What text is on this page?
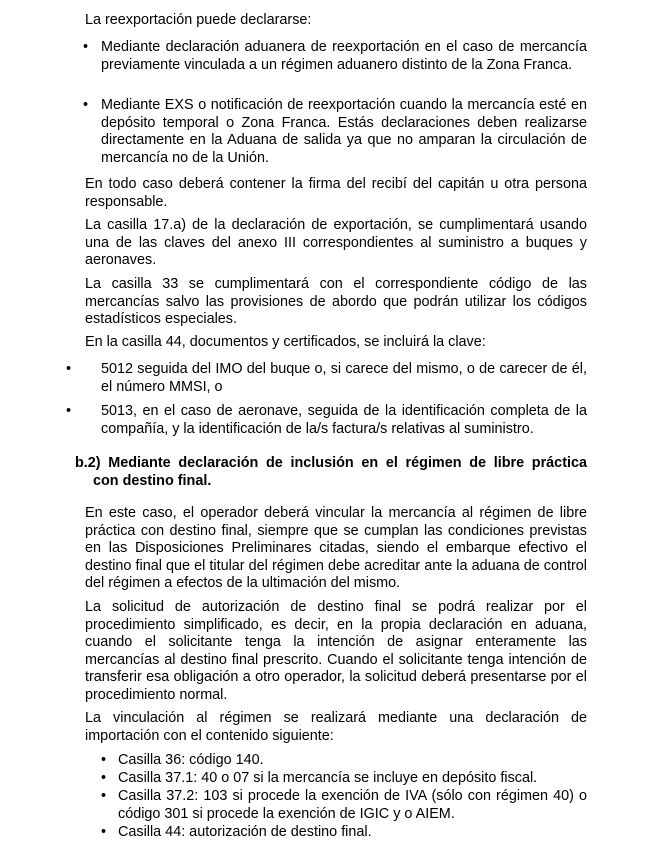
La reexportación puede declararse:

• Mediante declaración aduanera de reexportación en el caso de mercancía previamente vinculada a un régimen aduanero distinto de la Zona Franca.

• Mediante EXS o notificación de reexportación cuando la mercancía esté en depósito temporal o Zona Franca. Estás declaraciones deben realizarse directamente en la Aduana de salida ya que no amparan la circulación de mercancía no de la Unión.

En todo caso deberá contener la firma del recibí del capitán u otra persona responsable.

La casilla 17.a) de la declaración de exportación, se cumplimentará usando una de las claves del anexo III correspondientes al suministro a buques y aeronaves.

La casilla 33 se cumplimentará con el correspondiente código de las mercancías salvo las provisiones de abordo que podrán utilizar los códigos estadísticos especiales.

En la casilla 44, documentos y certificados, se incluirá la clave:

•	5012 seguida del IMO del buque o, si carece del mismo, o de carecer de él, el número MMSI, o

•	5013, en el caso de aeronave, seguida de la identificación completa de la compañía, y la identificación de la/s factura/s relativas al suministro.

b.2) Mediante declaración de inclusión en el régimen de libre práctica

con destino final.

En este caso, el operador deberá vincular la mercancía al régimen de libre práctica con destino final, siempre que se cumplan las condiciones previstas en las Disposiciones Preliminares citadas, siendo el embarque efectivo el destino final que el titular del régimen debe acreditar ante la aduana de control del régimen a efectos de la ultimación del mismo.

La solicitud de autorización de destino final se podrá realizar por el procedimiento simplificado, es decir, en la propia declaración en aduana, cuando el solicitante tenga la intención de asignar enteramente las mercancías al destino final prescrito. Cuando el solicitante tenga intención de transferir esa obligación a otro operador, la solicitud deberá presentarse por el procedimiento normal.

La vinculación al régimen se realizará mediante una declaración de importación con el contenido siguiente:

• Casilla 36: código 140.

• Casilla 37.1: 40 o 07 si la mercancía se incluye en depósito fiscal.

• Casilla 37.2: 103 si procede la exención de IVA (sólo con régimen 40) o código 301 si procede la exención de IGIC y o AIEM.

• Casilla 44: autorización de destino final.
